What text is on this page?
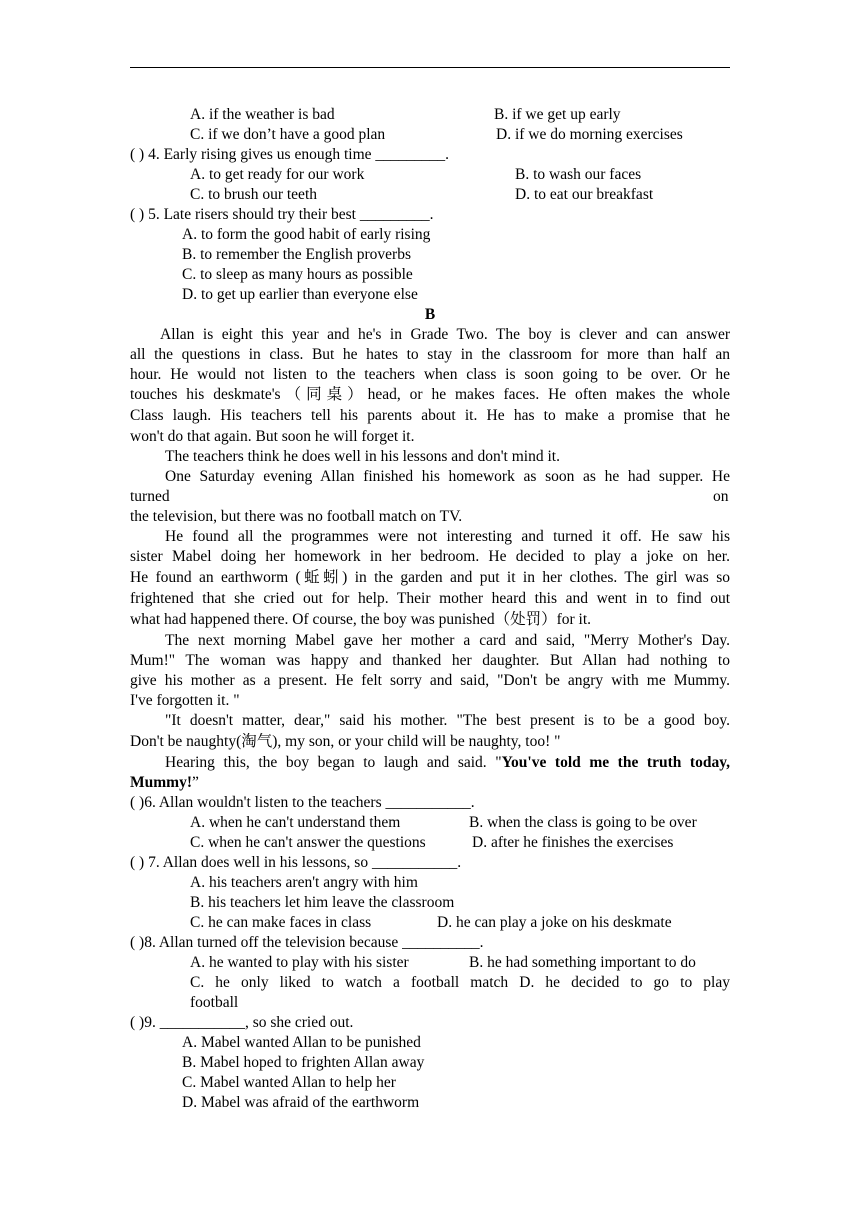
A. if the weather is bad	B. if we get up early
C. if we don’t have a good plan	D. if we do morning exercises
( ) 4. Early rising gives us enough time _________.
A. to get ready for our work	B. to wash our faces
C. to brush our teeth	D. to eat our breakfast
( ) 5. Late risers should try their best _________.
A. to form the good habit of early rising
B. to remember the English proverbs
C. to sleep as many hours as possible
D. to get up earlier than everyone else
B
Allan is eight this year and he's in Grade Two. The boy is clever and can answer
all the questions in class. But he hates to stay in the classroom for more than half an
hour. He would not listen to the teachers when class is soon going to be over. Or he
touches his deskmate's（同桌）head, or he makes faces. He often makes the whole
Class laugh. His teachers tell his parents about it. He has to make a promise that he
won't do that again. But soon he will forget it.
The teachers think he does well in his lessons and don't mind it.
One Saturday evening Allan finished his homework as soon as he had supper. He
turned	on
the television, but there was no football match on TV.
He found all the programmes were not interesting and turned it off. He saw his
sister Mabel doing her homework in her bedroom. He decided to play a joke on her.
He found an earthworm (蚯蚓) in the garden and put it in her clothes. The girl was so
frightened that she cried out for help. Their mother heard this and went in to find out
what had happened there. Of course, the boy was punished（处罚）for it.
The next morning Mabel gave her mother a card and said, "Merry Mother's Day.
Mum!" The woman was happy and thanked her daughter. But Allan had nothing to
give his mother as a present. He felt sorry and said, "Don't be angry with me Mummy.
I've forgotten it. "
"It doesn't matter, dear," said his mother. "The best present is to be a good boy.
Don't be naughty(淘气), my son, or your child will be naughty, too! "
Hearing this, the boy began to laugh and said. "You've told me the truth today,
Mummy!”
( )6. Allan wouldn't listen to the teachers ___________.
A. when he can't understand them	B. when the class is going to be over
C. when he can't answer the questions	D. after he finishes the exercises
( ) 7. Allan does well in his lessons, so ___________.
A. his teachers aren't angry with him
B. his teachers let him leave the classroom
C. he can make faces in class	D. he can play a joke on his deskmate
( )8. Allan turned off the television because __________.
A. he wanted to play with his sister	B. he had something important to do
C. he only liked to watch a football match D. he decided to go to play
football
( )9. ___________, so she cried out.
A. Mabel wanted Allan to be punished
B. Mabel hoped to frighten Allan away
C. Mabel wanted Allan to help her
D. Mabel was afraid of the earthworm
